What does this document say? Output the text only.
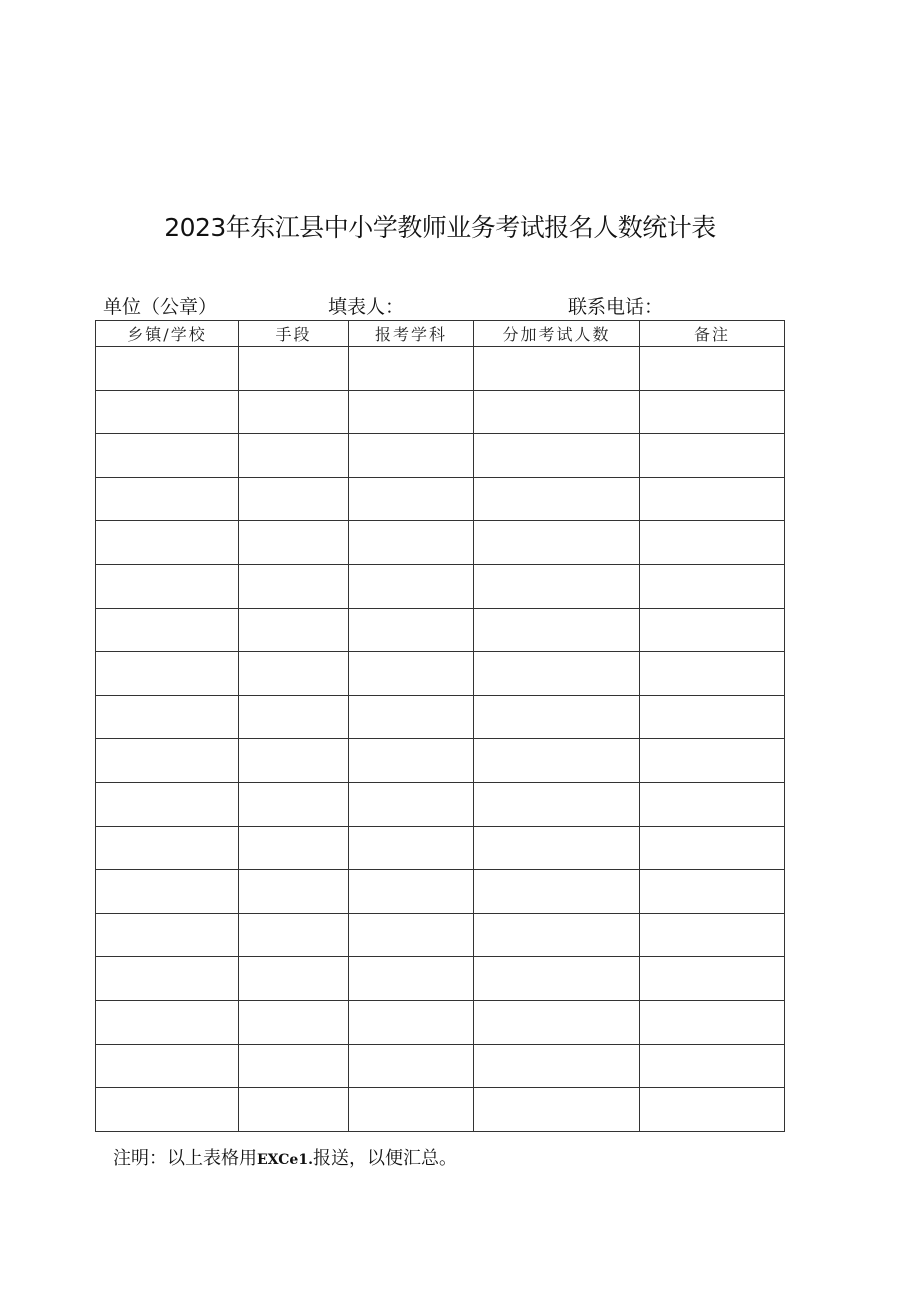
2023年东江县中小学教师业务考试报名人数统计表
单位（公章）	填表人：	联系电话：
乡镇/学校	手段	报考学科	分加考试人数	备注

注明：以上表格用EXCe1.报送，以便汇总。
